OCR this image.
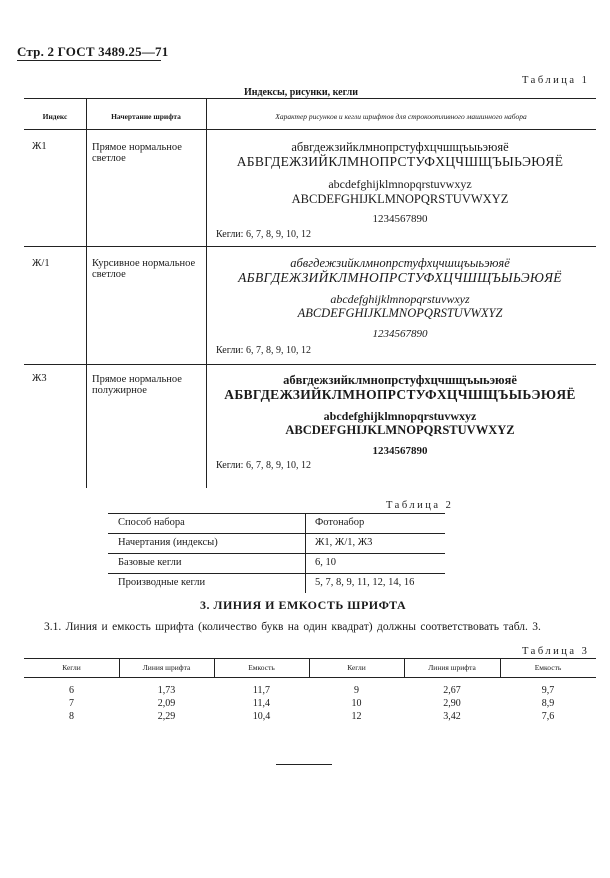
Стр. 2 ГОСТ 3489.25—71
Таблица 1
Индексы, рисунки, кегли
Индекс	Начертание шрифта	Характер рисунков и кегли шрифтов для строкоотливного машинного набора
Ж1	Прямое нормальное светлое
абвгдежзийклмнопрстуфхцчшщъыьэюяё
АБВГДЕЖЗИЙКЛМНОПРСТУФХЦЧШЩЪЫЬЭЮЯЁ
abcdefghijklmnopqrstuvwxyz
ABCDEFGHIJKLMNOPQRSTUVWXYZ
1234567890
Кегли: 6, 7, 8, 9, 10, 12
Ж/1	Курсивное нормальное светлое
абвгдежзийклмнопрстуфхцчшщъыьэюяё
АБВГДЕЖЗИЙКЛМНОПРСТУФХЦЧШЩЪЫЬЭЮЯЁ
abcdefghijklmnopqrstuvwxyz
ABCDEFGHIJKLMNOPQRSTUVWXYZ
1234567890
Кегли: 6, 7, 8, 9, 10, 12
Ж3	Прямое нормальное полужирное
абвгдежзийклмнопрстуфхцчшщъыьэюяё
АБВГДЕЖЗИЙКЛМНОПРСТУФХЦЧШЩЪЫЬЭЮЯЁ
abcdefghijklmnopqrstuvwxyz
ABCDEFGHIJKLMNOPQRSTUVWXYZ
1234567890
Кегли: 6, 7, 8, 9, 10, 12
Таблица 2
Способ набора	Фотонабор
Начертания (индексы)	Ж1, Ж/1, Ж3
Базовые кегли	6, 10
Производные кегли	5, 7, 8, 9, 11, 12, 14, 16
3. ЛИНИЯ И ЕМКОСТЬ ШРИФТА
3.1. Линия и емкость шрифта (количество букв на один квадрат) должны соответствовать табл. 3.
Таблица 3
Кегли	Линия шрифта	Емкость	Кегли	Линия шрифта	Емкость
6	1,73	11,7	9	2,67	9,7
7	2,09	11,4	10	2,90	8,9
8	2,29	10,4	12	3,42	7,6
